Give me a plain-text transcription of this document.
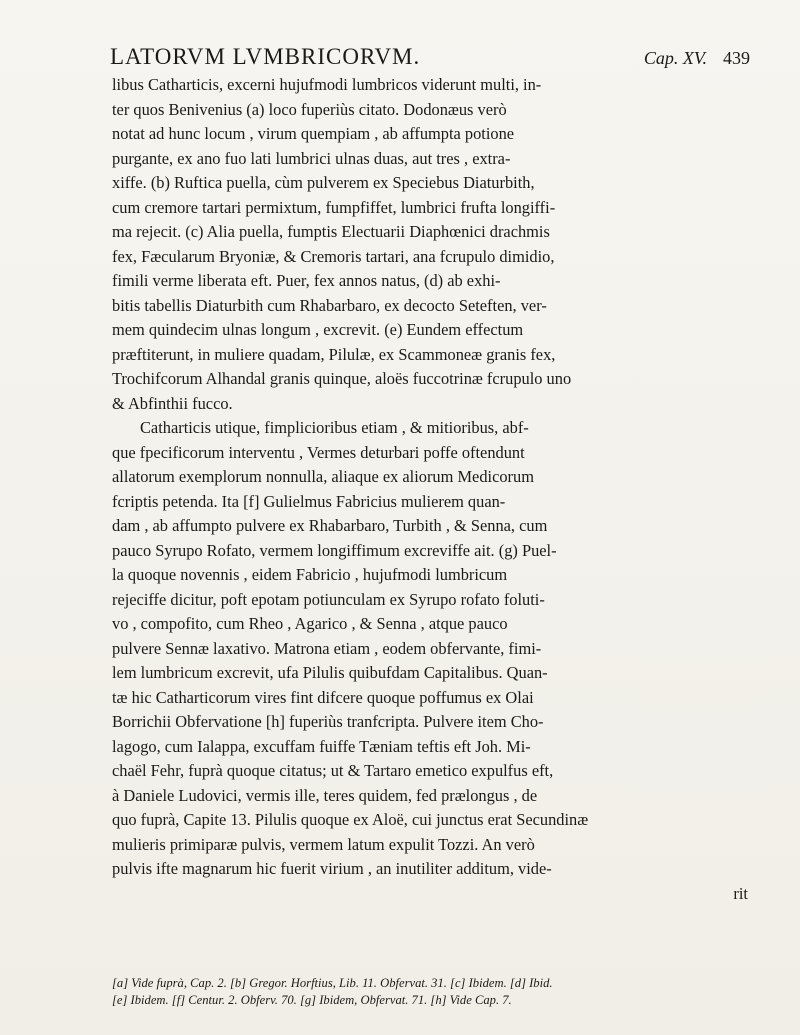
LATORVM LVMBRICORVM.	Cap. XV. 439
libus Catharticis, excerni hujufmodi lumbricos viderunt multi, in-
ter quos Benivenius (a) loco fuperiùs citato. Dodonæus verò
notat ad hunc locum , virum quempiam , ab affumpta potione
purgante, ex ano fuo lati lumbrici ulnas duas, aut tres , extra-
xiffe. (b) Ruftica puella, cùm pulverem ex Speciebus Diaturbith,
cum cremore tartari permixtum, fumpfiffet, lumbrici frufta longiffi-
ma rejecit. (c) Alia puella, fumptis Electuarii Diaphœnici drachmis
fex, Fæcularum Bryoniæ, & Cremoris tartari, ana fcrupulo dimidio,
fimili verme liberata eft. Puer, fex annos natus, (d) ab exhi-
bitis tabellis Diaturbith cum Rhabarbaro, ex decocto Seteften, ver-
mem quindecim ulnas longum , excrevit. (e) Eundem effectum
præftiterunt, in muliere quadam, Pilulæ, ex Scammoneæ granis fex,
Trochifcorum Alhandal granis quinque, aloës fuccotrinæ fcrupulo uno
& Abfinthii fucco.
Catharticis utique, fimplicioribus etiam , & mitioribus, abf-
que fpecificorum interventu , Vermes deturbari poffe oftendunt
allatorum exemplorum nonnulla, aliaque ex aliorum Medicorum
fcriptis petenda. Ita [f] Gulielmus Fabricius mulierem quan-
dam , ab affumpto pulvere ex Rhabarbaro, Turbith , & Senna, cum
pauco Syrupo Rofato, vermem longiffimum excreviffe ait. (g) Puel-
la quoque novennis , eidem Fabricio , hujufmodi lumbricum
rejeciffe dicitur, poft epotam potiunculam ex Syrupo rofato foluti-
vo , compofito, cum Rheo , Agarico , & Senna , atque pauco
pulvere Sennæ laxativo. Matrona etiam , eodem obfervante, fimi-
lem lumbricum excrevit, ufa Pilulis quibufdam Capitalibus. Quan-
tæ hic Catharticorum vires fint difcere quoque poffumus ex Olai
Borrichii Obfervatione [h] fuperiùs tranfcripta. Pulvere item Cho-
lagogo, cum Ialappa, excuffam fuiffe Tæniam teftis eft Joh. Mi-
chaël Fehr, fuprà quoque citatus; ut & Tartaro emetico expulfus eft,
à Daniele Ludovici, vermis ille, teres quidem, fed prælongus , de
quo fuprà, Capite 13. Pilulis quoque ex Aloë, cui junctus erat Secundinæ
mulieris primiparæ pulvis, vermem latum expulit Tozzi. An verò
pulvis ifte magnarum hic fuerit virium , an inutiliter additum, vide-
rit
[a] Vide fuprà, Cap. 2. [b] Gregor. Horftius, Lib. 11. Obfervat. 31. [c] Ibidem. [d] Ibid.
[e] Ibidem. [f] Centur. 2. Obferv. 70. [g] Ibidem, Obfervat. 71. [h] Vide Cap. 7.
